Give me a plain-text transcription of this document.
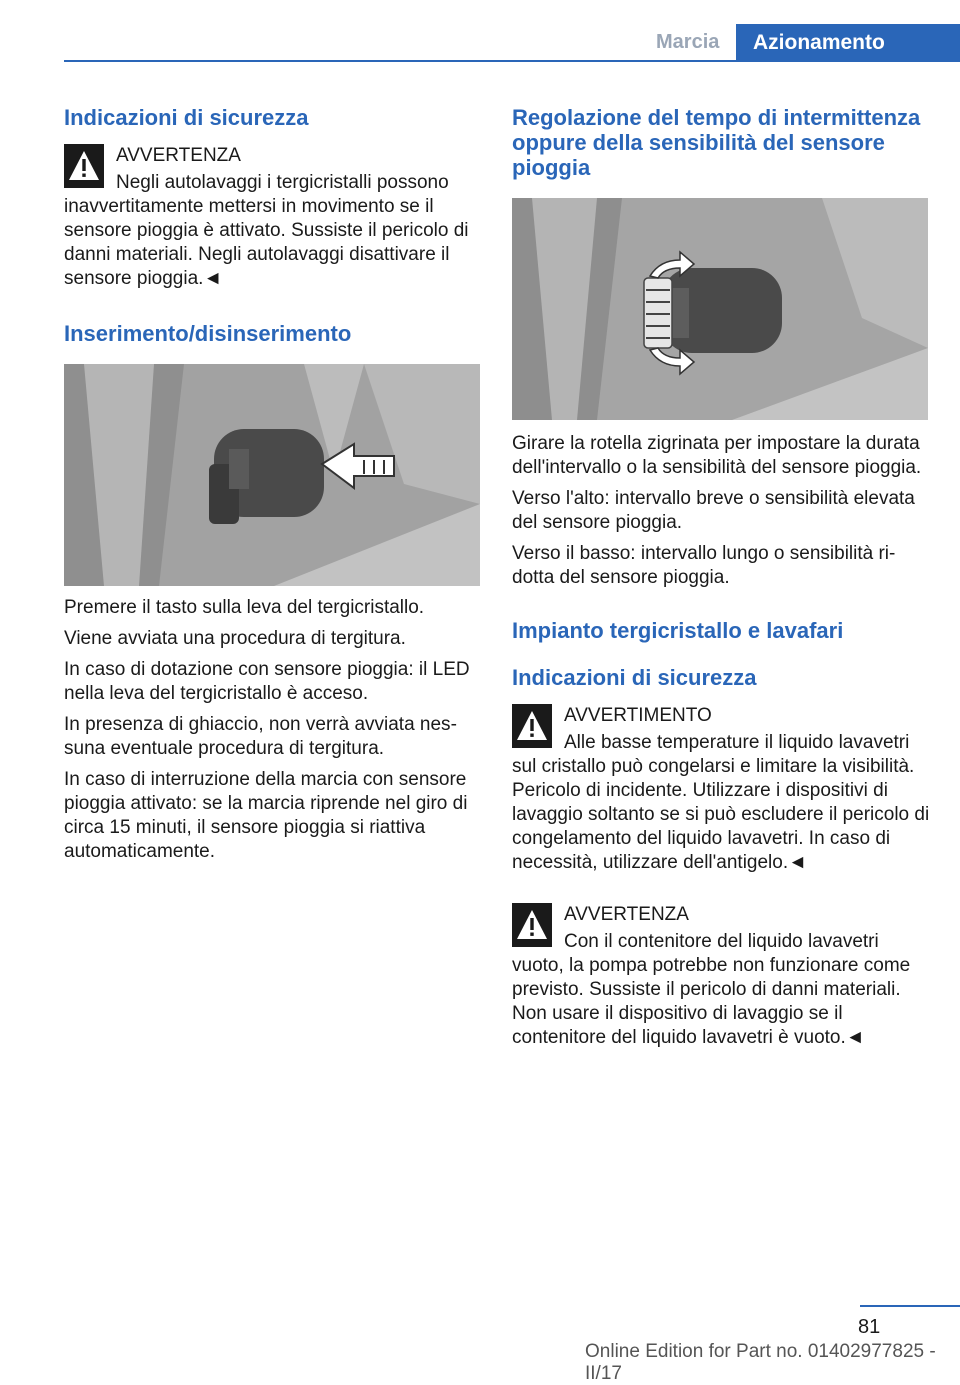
Marcia	Azionamento
Indicazioni di sicurezza

AVVERTENZA

Negli autolavaggi i tergicristalli possono inavvertitamente mettersi in movimento se il sensore pioggia è attivato. Sussiste il pericolo di danni materiali. Negli autolavaggi disattivare il sensore pioggia.◄

Inserimento/disinserimento

Premere il tasto sulla leva del tergicristallo.

Viene avviata una procedura di tergitura.

In caso di dotazione con sensore pioggia: il LED nella leva del tergicristallo è acceso.

In presenza di ghiaccio, non verrà avviata nessuna eventuale procedura di tergitura.

In caso di interruzione della marcia con sensore pioggia attivato: se la marcia riprende nel giro di circa 15 minuti, il sensore pioggia si riattiva automaticamente.

Regolazione del tempo di intermittenza oppure della sensibilità del sensore pioggia

Girare la rotella zigrinata per impostare la durata dell'intervallo o la sensibilità del sensore pioggia.

Verso l'alto: intervallo breve o sensibilità elevata del sensore pioggia.

Verso il basso: intervallo lungo o sensibilità ridotta del sensore pioggia.

Impianto tergicristallo e lavafari
Indicazioni di sicurezza

AVVERTIMENTO

Alle basse temperature il liquido lavavetri sul cristallo può congelarsi e limitare la visibilità. Pericolo di incidente. Utilizzare i dispositivi di lavaggio soltanto se si può escludere il pericolo di congelamento del liquido lavavetri. In caso di necessità, utilizzare dell'antigelo.◄

AVVERTENZA

Con il contenitore del liquido lavavetri vuoto, la pompa potrebbe non funzionare come previsto. Sussiste il pericolo di danni materiali. Non usare il dispositivo di lavaggio se il contenitore del liquido lavavetri è vuoto.◄

81
Online Edition for Part no. 01402977825 - II/17
